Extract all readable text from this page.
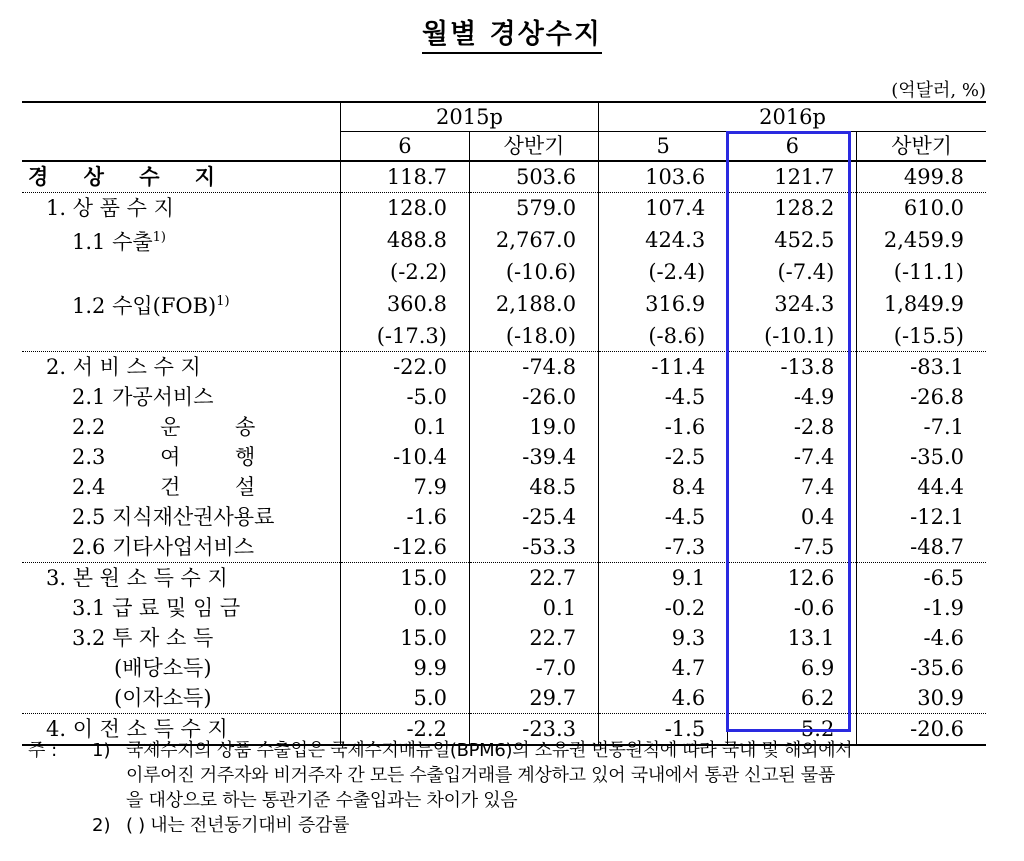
월별 경상수지
(억달러, %)
	2015p		2016p		
	6	상반기	5	6	상반기
경 상 수 지	118.7	503.6	103.6	121.7	499.8
1. 상 품 수 지	128.0	579.0	107.4	128.2	610.0
1.1 수출$^{1)}$	488.8	2,767.0	424.3	452.5	2,459.9
	(-2.2)	(-10.6)	(-2.4)	(-7.4)	(-11.1)
1.2 수입(FOB)$^{1)}$	360.8	2,188.0	316.9	324.3	1,849.9
	(-17.3)	(-18.0)	(-8.6)	(-10.1)	(-15.5)
2. 서 비 스 수 지	-22.0	-74.8	-11.4	-13.8	-83.1
2.1 가공서비스	-5.0	-26.0	-4.5	-4.9	-26.8
2.2 운 송	0.1	19.0	-1.6	-2.8	-7.1
2.3 여 행	-10.4	-39.4	-2.5	-7.4	-35.0
2.4 건 설	7.9	48.5	8.4	7.4	44.4
2.5 지식재산권사용료	-1.6	-25.4	-4.5	0.4	-12.1
2.6 기타사업서비스	-12.6	-53.3	-7.3	-7.5	-48.7
3. 본 원 소 득 수 지	15.0	22.7	9.1	12.6	-6.5
3.1 급 료 및 임 금	0.0	0.1	-0.2	-0.6	-1.9
3.2 투 자 소 득	15.0	22.7	9.3	13.1	-4.6
(배당소득)	9.9	-7.0	4.7	6.9	-35.6
(이자소득)	5.0	29.7	4.6	6.2	30.9
4. 이 전 소 득 수 지	-2.2	-23.3	-1.5	-5.2	-20.6
주 :	1) 국제수지의 상품 수출입은 국제수지매뉴얼(BPM6)의 소유권 변동원칙에 따라 국내 및 해외에서
이루어진 거주자와 비거주자 간 모든 수출입거래를 계상하고 있어 국내에서 통관 신고된 물품
을 대상으로 하는 통관기준 수출입과는 차이가 있음
2) ( ) 내는 전년동기대비 증감률
